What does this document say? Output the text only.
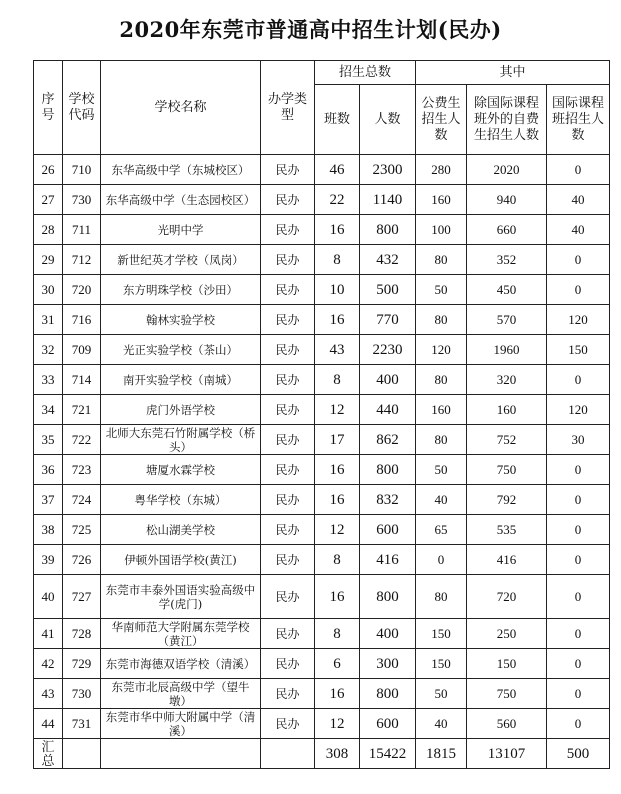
2020年东莞市普通高中招生计划(民办)
序号	学校代码	学校名称	办学类型	招生总数		其中		
				班数	人数	公费生招生人数	除国际课程班外的自费生招生人数	国际课程班招生人数
26	710	东华高级中学（东城校区）	民办	46	2300	280	2020	0
27	730	东华高级中学（生态园校区）	民办	22	1140	160	940	40
28	711	光明中学	民办	16	800	100	660	40
29	712	新世纪英才学校（凤岗）	民办	8	432	80	352	0
30	720	东方明珠学校（沙田）	民办	10	500	50	450	0
31	716	翰林实验学校	民办	16	770	80	570	120
32	709	光正实验学校（茶山）	民办	43	2230	120	1960	150
33	714	南开实验学校（南城）	民办	8	400	80	320	0
34	721	虎门外语学校	民办	12	440	160	160	120
35	722	北师大东莞石竹附属学校（桥头）	民办	17	862	80	752	30
36	723	塘厦水霖学校	民办	16	800	50	750	0
37	724	粤华学校（东城）	民办	16	832	40	792	0
38	725	松山湖美学校	民办	12	600	65	535	0
39	726	伊顿外国语学校(黄江)	民办	8	416	0	416	0
40	727	东莞市丰泰外国语实验高级中学(虎门)	民办	16	800	80	720	0
41	728	华南师范大学附属东莞学校（黄江）	民办	8	400	150	250	0
42	729	东莞市海德双语学校（清溪）	民办	6	300	150	150	0
43	730	东莞市北辰高级中学（望牛墩）	民办	16	800	50	750	0
44	731	东莞市华中师大附属中学（清溪）	民办	12	600	40	560	0
汇总				308	15422	1815	13107	500
